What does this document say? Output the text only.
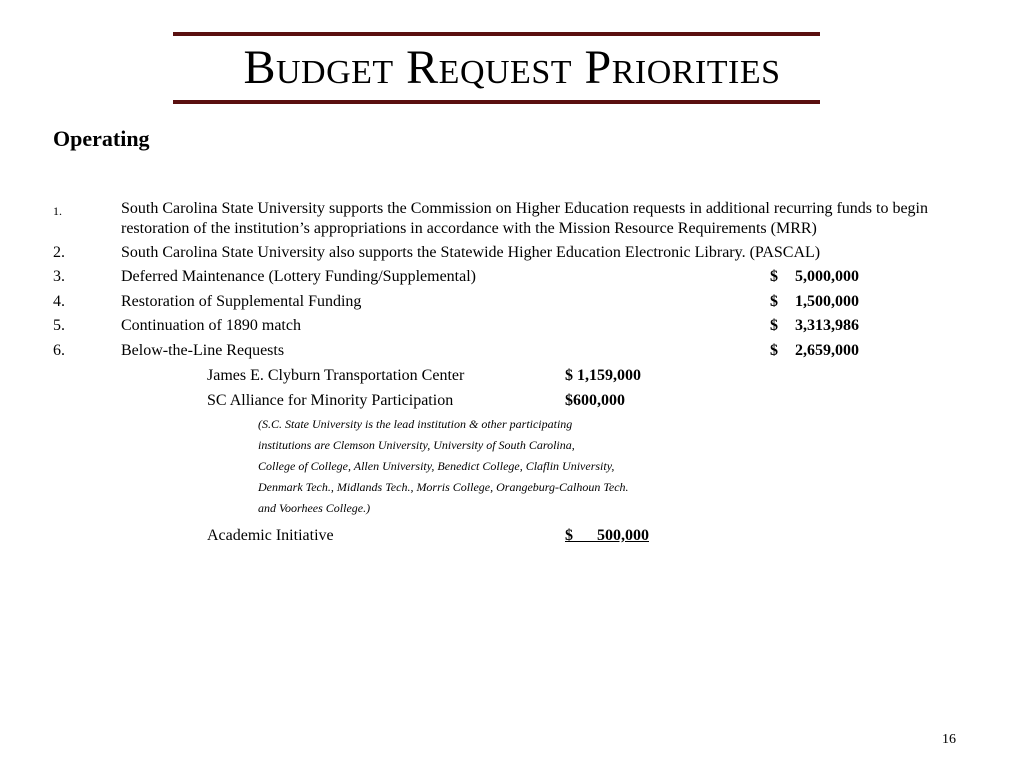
Budget Request Priorities
Operating
1.	South Carolina State University supports the Commission on Higher Education requests in additional recurring funds to begin restoration of the institution’s appropriations in accordance with the Mission Resource Requirements (MRR)
2.	South Carolina State University also supports the Statewide Higher Education Electronic Library. (PASCAL)
3.	Deferred Maintenance (Lottery Funding/Supplemental)	$ 5,000,000
4.	Restoration of Supplemental Funding	$ 1,500,000
5.	Continuation of 1890 match	$ 3,313,986
6.	Below-the-Line Requests	$ 2,659,000
James E. Clyburn Transportation Center	$ 1,159,000
SC Alliance for Minority Participation	$600,000
(S.C. State University is the lead institution & other participating
institutions are Clemson University, University of South Carolina,
College of College, Allen University, Benedict College, Claflin University,
Denmark Tech., Midlands Tech., Morris College, Orangeburg-Calhoun Tech.
and Voorhees College.)
Academic Initiative	$      500,000
16
